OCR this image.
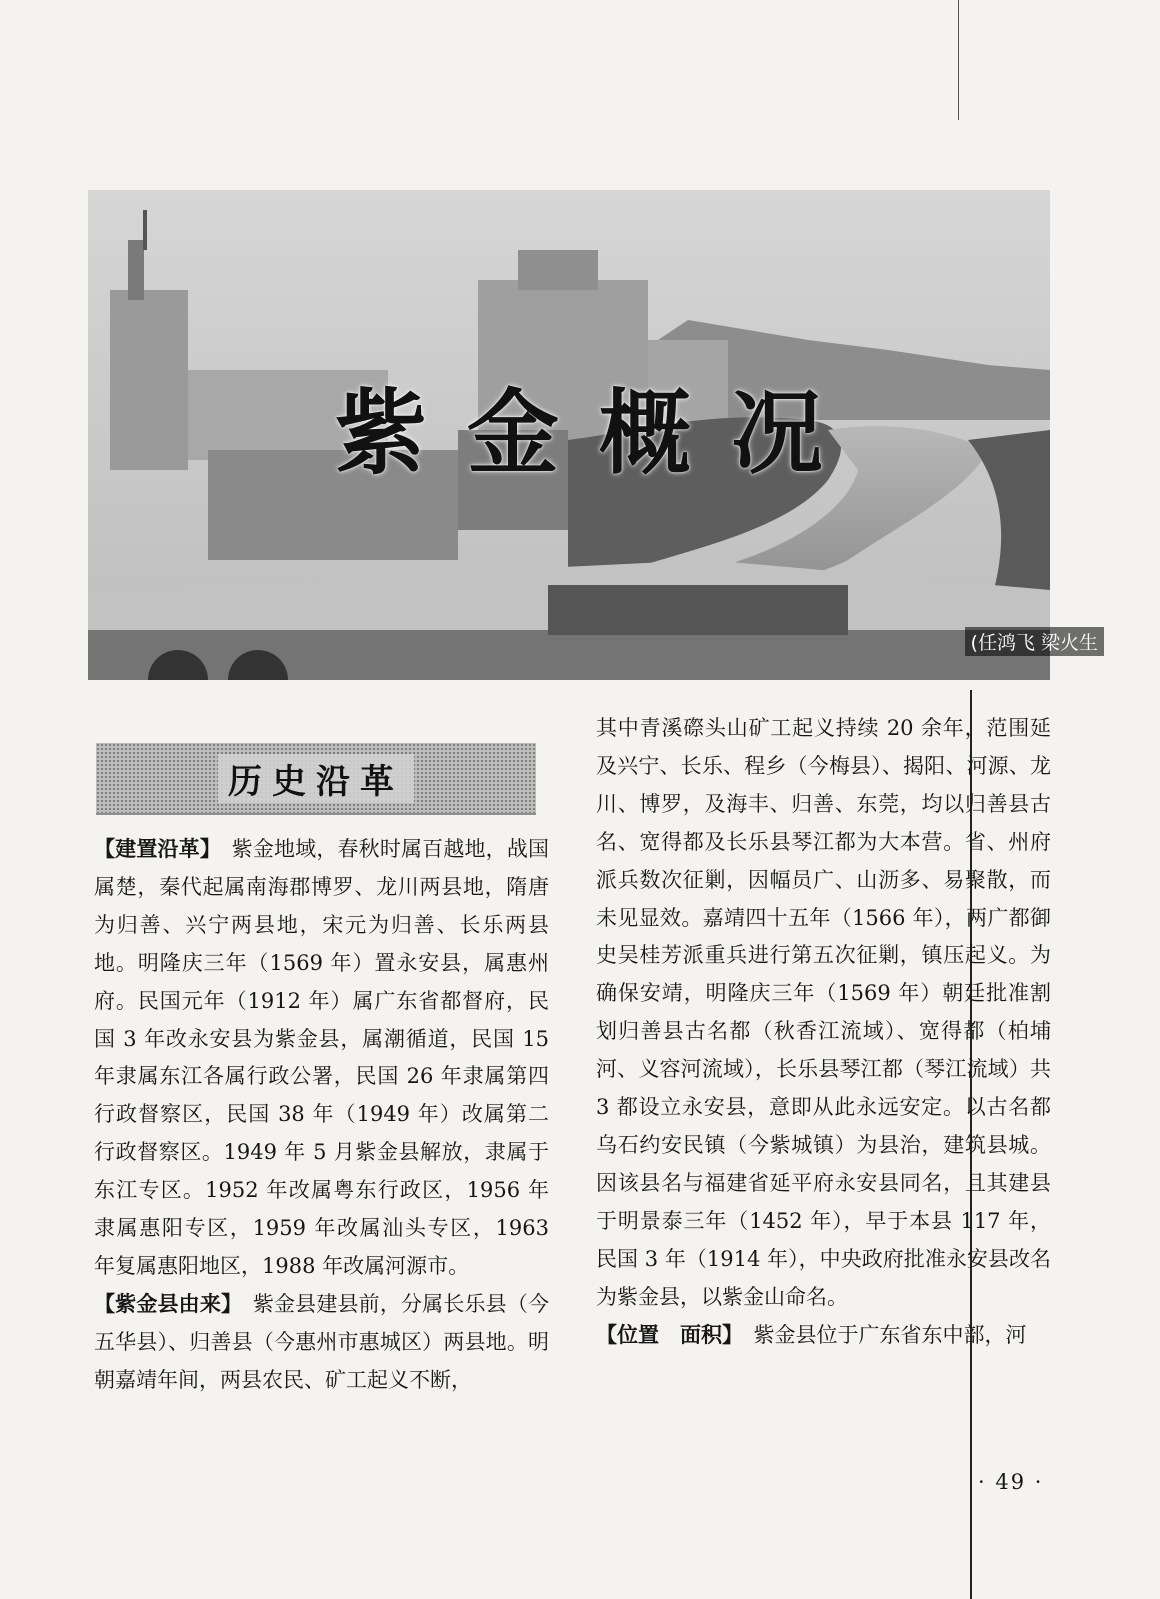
紫金概况
(任鸿飞 梁火生
历史沿革

【建置沿革】　 紫金地域，春秋时属百越地，战国属楚，秦代起属南海郡博罗、龙川两县地，隋唐为归善、兴宁两县地，宋元为归善、长乐两县地。明隆庆三年（1569 年）置永安县，属惠州府。民国元年（1912 年）属广东省都督府，民国 3 年改永安县为紫金县，属潮循道，民国 15 年隶属东江各属行政公署，民国 26 年隶属第四行政督察区，民国 38 年（1949 年）改属第二行政督察区。1949 年 5 月紫金县解放，隶属于东江专区。1952 年改属粤东行政区，1956 年隶属惠阳专区，1959 年改属汕头专区，1963 年复属惠阳地区，1988 年改属河源市。

【紫金县由来】　 紫金县建县前，分属长乐县（今五华县）、归善县（今惠州市惠城区）两县地。明朝嘉靖年间，两县农民、矿工起义不断，

其中青溪磜头山矿工起义持续 20 余年，范围延及兴宁、长乐、程乡（今梅县）、揭阳、河源、龙川、博罗，及海丰、归善、东莞，均以归善县古名、宽得都及长乐县琴江都为大本营。省、州府派兵数次征剿，因幅员广、山沥多、易聚散，而未见显效。嘉靖四十五年（1566 年），两广都御史吴桂芳派重兵进行第五次征剿，镇压起义。为确保安靖，明隆庆三年（1569 年）朝廷批准割划归善县古名都（秋香江流域）、宽得都（柏埔河、义容河流域），长乐县琴江都（琴江流域）共 3 都设立永安县，意即从此永远安定。以古名都乌石约安民镇（今紫城镇）为县治，建筑县城。因该县名与福建省延平府永安县同名，且其建县于明景泰三年（1452 年），早于本县 117 年，民国 3 年（1914 年），中央政府批准永安县改名为紫金县，以紫金山命名。

【位置　面积】　 紫金县位于广东省东中部，河

· 49 ·
